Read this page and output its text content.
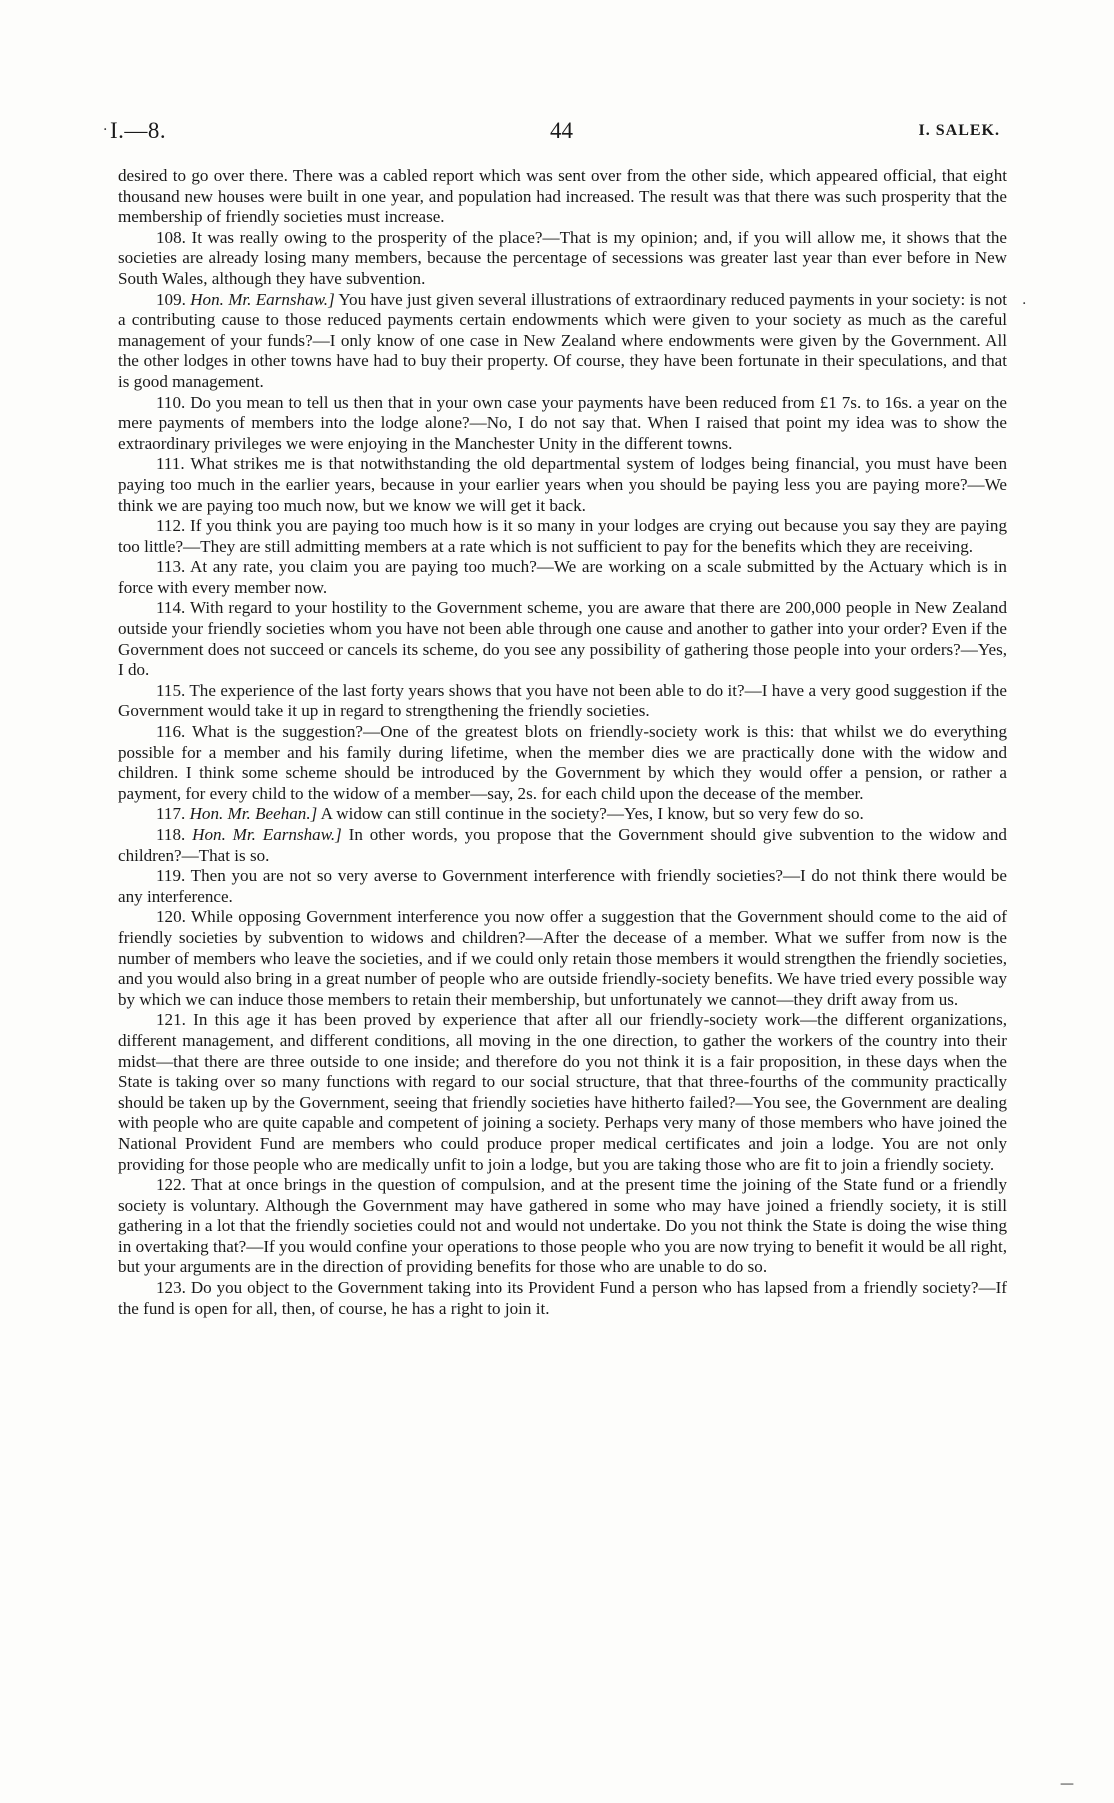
I.—8.	44	I. SALEK.

desired to go over there. There was a cabled report which was sent over from the other side, which appeared official, that eight thousand new houses were built in one year, and population had increased. The result was that there was such prosperity that the membership of friendly societies must increase.

108. It was really owing to the prosperity of the place?—That is my opinion; and, if you will allow me, it shows that the societies are already losing many members, because the percentage of secessions was greater last year than ever before in New South Wales, although they have subvention.

109. Hon. Mr. Earnshaw.] You have just given several illustrations of extraordinary reduced payments in your society: is not a contributing cause to those reduced payments certain endowments which were given to your society as much as the careful management of your funds?—I only know of one case in New Zealand where endowments were given by the Government. All the other lodges in other towns have had to buy their property. Of course, they have been fortunate in their speculations, and that is good management.

110. Do you mean to tell us then that in your own case your payments have been reduced from £1 7s. to 16s. a year on the mere payments of members into the lodge alone?—No, I do not say that. When I raised that point my idea was to show the extraordinary privileges we were enjoying in the Manchester Unity in the different towns.

111. What strikes me is that notwithstanding the old departmental system of lodges being financial, you must have been paying too much in the earlier years, because in your earlier years when you should be paying less you are paying more?—We think we are paying too much now, but we know we will get it back.

112. If you think you are paying too much how is it so many in your lodges are crying out because you say they are paying too little?—They are still admitting members at a rate which is not sufficient to pay for the benefits which they are receiving.

113. At any rate, you claim you are paying too much?—We are working on a scale submitted by the Actuary which is in force with every member now.

114. With regard to your hostility to the Government scheme, you are aware that there are 200,000 people in New Zealand outside your friendly societies whom you have not been able through one cause and another to gather into your order? Even if the Government does not succeed or cancels its scheme, do you see any possibility of gathering those people into your orders?—Yes, I do.

115. The experience of the last forty years shows that you have not been able to do it?—I have a very good suggestion if the Government would take it up in regard to strengthening the friendly societies.

116. What is the suggestion?—One of the greatest blots on friendly-society work is this: that whilst we do everything possible for a member and his family during lifetime, when the member dies we are practically done with the widow and children. I think some scheme should be introduced by the Government by which they would offer a pension, or rather a payment, for every child to the widow of a member—say, 2s. for each child upon the decease of the member.

117. Hon. Mr. Beehan.] A widow can still continue in the society?—Yes, I know, but so very few do so.

118. Hon. Mr. Earnshaw.] In other words, you propose that the Government should give subvention to the widow and children?—That is so.

119. Then you are not so very averse to Government interference with friendly societies?—I do not think there would be any interference.

120. While opposing Government interference you now offer a suggestion that the Government should come to the aid of friendly societies by subvention to widows and children?—After the decease of a member. What we suffer from now is the number of members who leave the societies, and if we could only retain those members it would strengthen the friendly societies, and you would also bring in a great number of people who are outside friendly-society benefits. We have tried every possible way by which we can induce those members to retain their membership, but unfortunately we cannot—they drift away from us.

121. In this age it has been proved by experience that after all our friendly-society work—the different organizations, different management, and different conditions, all moving in the one direction, to gather the workers of the country into their midst—that there are three outside to one inside; and therefore do you not think it is a fair proposition, in these days when the State is taking over so many functions with regard to our social structure, that that three-fourths of the community practically should be taken up by the Government, seeing that friendly societies have hitherto failed?—You see, the Government are dealing with people who are quite capable and competent of joining a society. Perhaps very many of those members who have joined the National Provident Fund are members who could produce proper medical certificates and join a lodge. You are not only providing for those people who are medically unfit to join a lodge, but you are taking those who are fit to join a friendly society.

122. That at once brings in the question of compulsion, and at the present time the joining of the State fund or a friendly society is voluntary. Although the Government may have gathered in some who may have joined a friendly society, it is still gathering in a lot that the friendly societies could not and would not undertake. Do you not think the State is doing the wise thing in overtaking that?—If you would confine your operations to those people who you are now trying to benefit it would be all right, but your arguments are in the direction of providing benefits for those who are unable to do so.

123. Do you object to the Government taking into its Provident Fund a person who has lapsed from a friendly society?—If the fund is open for all, then, of course, he has a right to join it.

·
·
—
